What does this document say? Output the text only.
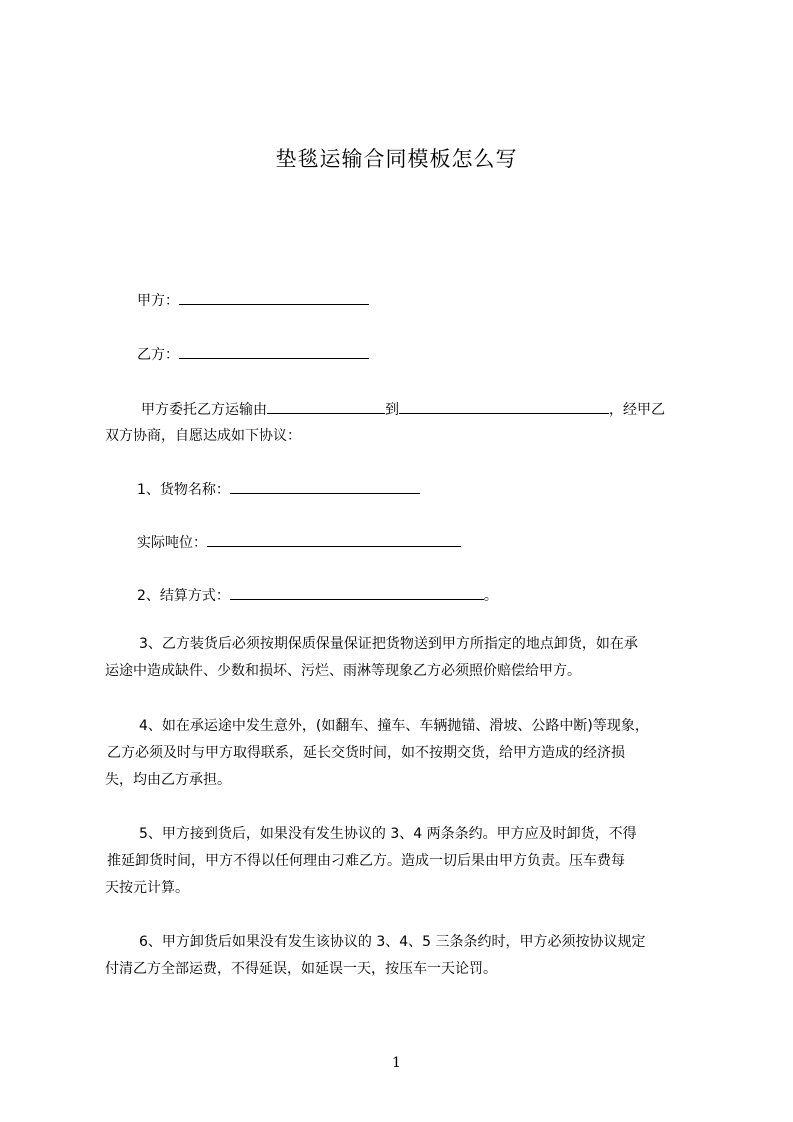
垫毯运输合同模板怎么写
甲方：
乙方：
甲方委托乙方运输由	到	，经甲乙
双方协商，自愿达成如下协议：
1、货物名称：
实际吨位：
2、结算方式：	。
3、乙方装货后必须按期保质保量保证把货物送到甲方所指定的地点卸货，如在承
运途中造成缺件、少数和损坏、污烂、雨淋等现象乙方必须照价赔偿给甲方。
4、如在承运途中发生意外，(如翻车、撞车、车辆抛锚、滑坡、公路中断)等现象，
乙方必须及时与甲方取得联系，延长交货时间，如不按期交货，给甲方造成的经济损
失，均由乙方承担。
5、甲方接到货后，如果没有发生协议的 3、4 两条条约。甲方应及时卸货，不得
推延卸货时间，甲方不得以任何理由刁难乙方。造成一切后果由甲方负责。压车费每
天按元计算。
6、甲方卸货后如果没有发生该协议的 3、4、5 三条条约时，甲方必须按协议规定
付清乙方全部运费，不得延误，如延误一天，按压车一天论罚。
1
